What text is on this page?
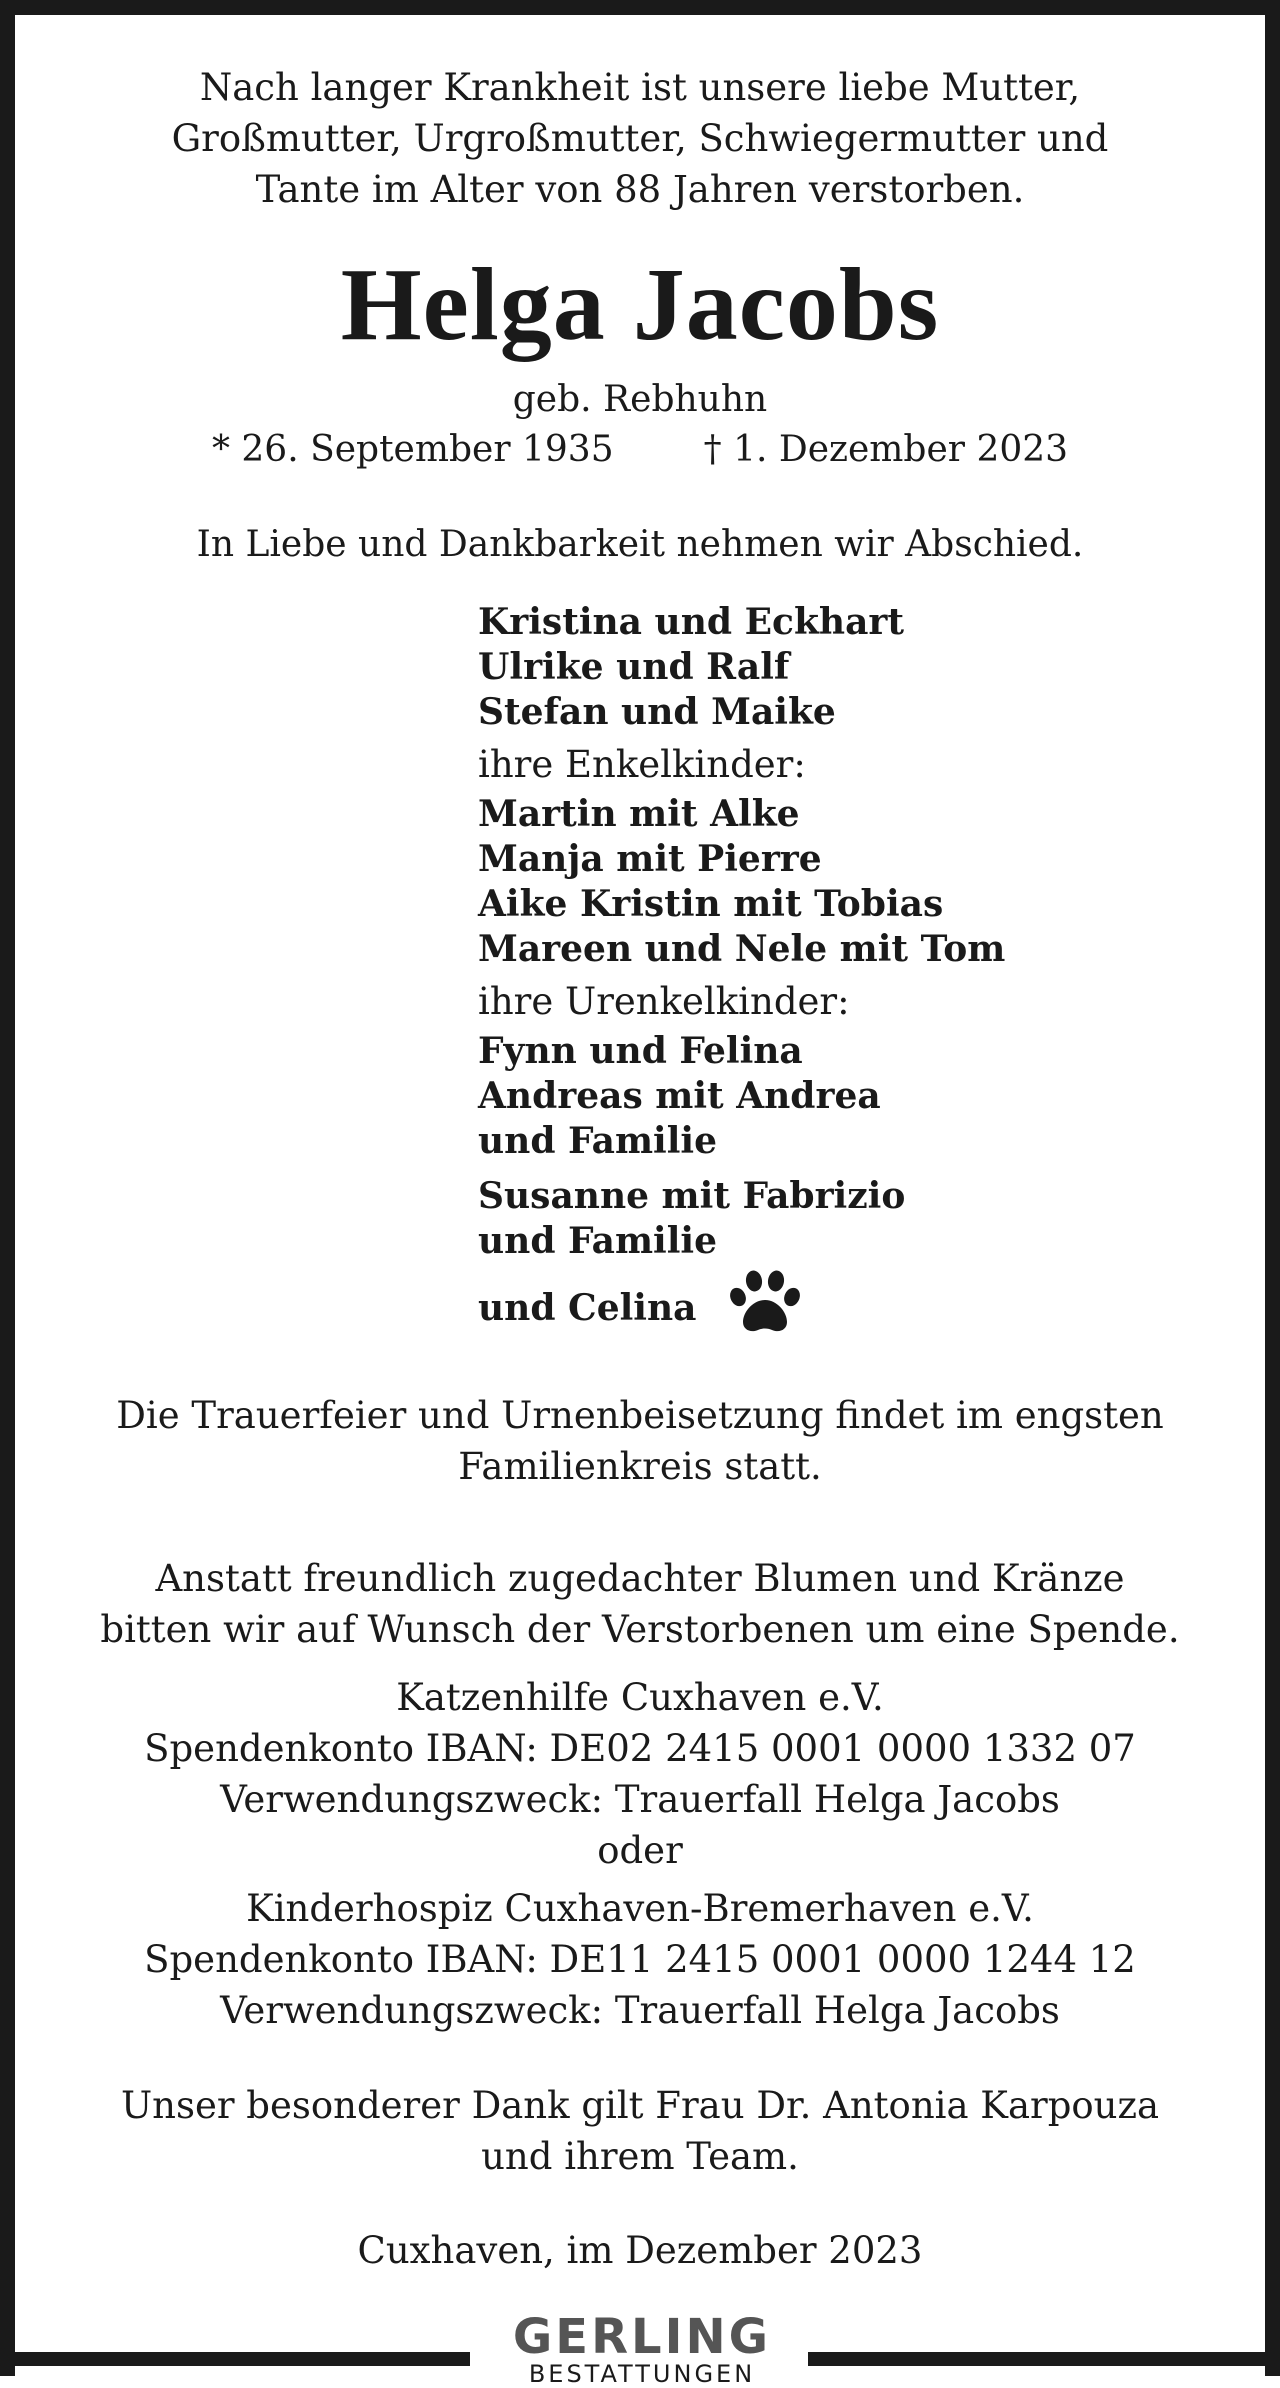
Nach langer Krankheit ist unsere liebe Mutter,
Großmutter, Urgroßmutter, Schwiegermutter und
Tante im Alter von 88 Jahren verstorben.
Helga Jacobs
geb. Rebhuhn
* 26. September 1935	† 1. Dezember 2023
In Liebe und Dankbarkeit nehmen wir Abschied.
Kristina und Eckhart
Ulrike und Ralf
Stefan und Maike
ihre Enkelkinder:
Martin mit Alke
Manja mit Pierre
Aike Kristin mit Tobias
Mareen und Nele mit Tom
ihre Urenkelkinder:
Fynn und Felina
Andreas mit Andrea
und Familie
Susanne mit Fabrizio
und Familie
und Celina
Die Trauerfeier und Urnenbeisetzung findet im engsten
Familienkreis statt.
Anstatt freundlich zugedachter Blumen und Kränze
bitten wir auf Wunsch der Verstorbenen um eine Spende.
Katzenhilfe Cuxhaven e.V.
Spendenkonto IBAN: DE02 2415 0001 0000 1332 07
Verwendungszweck: Trauerfall Helga Jacobs
oder
Kinderhospiz Cuxhaven-Bremerhaven e.V.
Spendenkonto IBAN: DE11 2415 0001 0000 1244 12
Verwendungszweck: Trauerfall Helga Jacobs
Unser besonderer Dank gilt Frau Dr. Antonia Karpouza
und ihrem Team.
Cuxhaven, im Dezember 2023
GERLING
BESTATTUNGEN
